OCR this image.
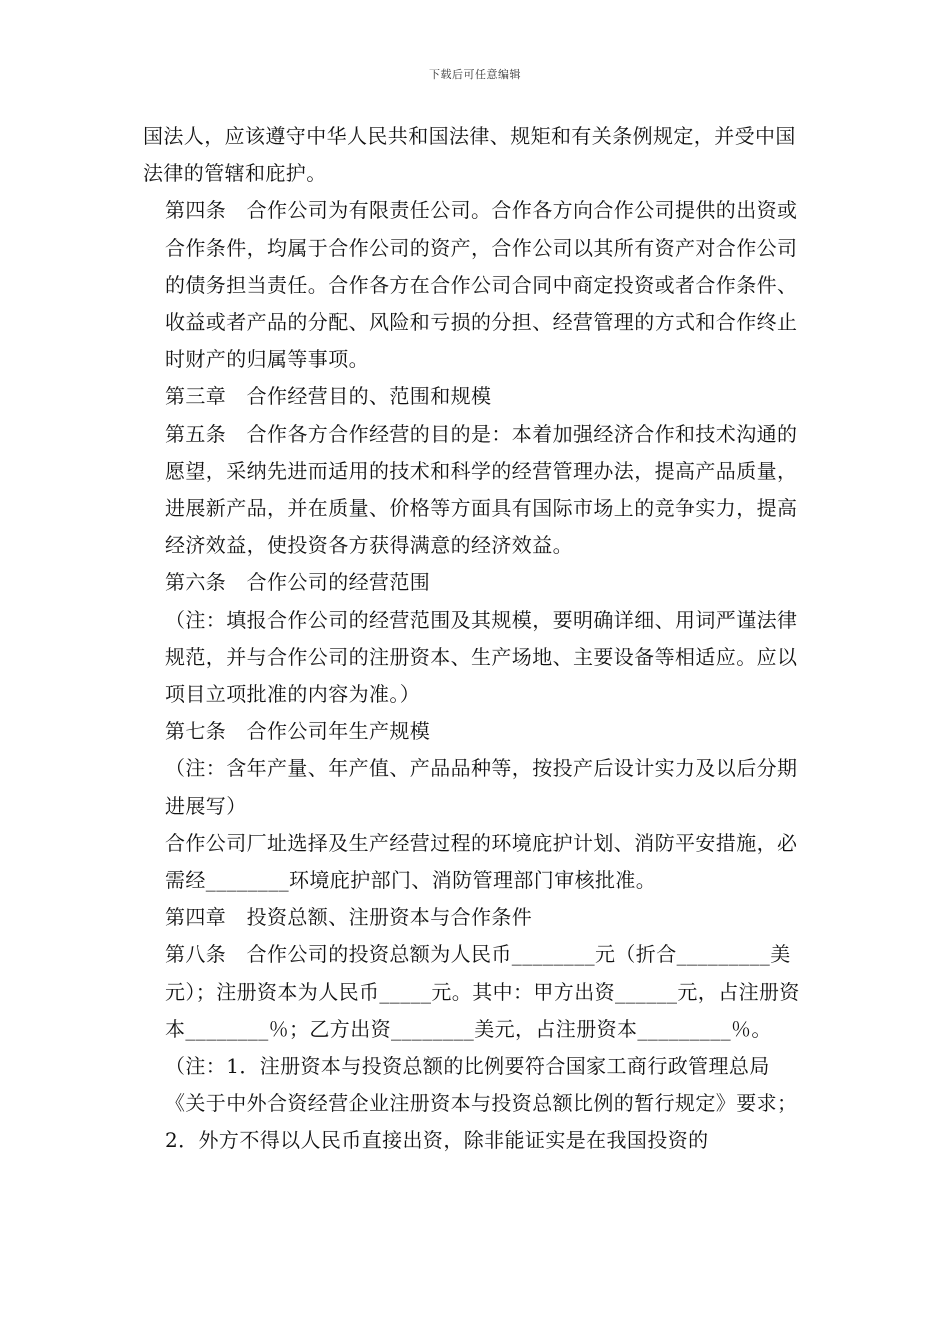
下载后可任意编辑

国法人，应该遵守中华人民共和国法律、规矩和有关条例规定，并受中国法律的管辖和庇护。

第四条　合作公司为有限责任公司。合作各方向合作公司提供的出资或合作条件，均属于合作公司的资产，合作公司以其所有资产对合作公司的债务担当责任。合作各方在合作公司合同中商定投资或者合作条件、收益或者产品的分配、风险和亏损的分担、经营管理的方式和合作终止时财产的归属等事项。

第三章　合作经营目的、范围和规模

第五条　合作各方合作经营的目的是：本着加强经济合作和技术沟通的愿望，采纳先进而适用的技术和科学的经营管理办法，提高产品质量，进展新产品，并在质量、价格等方面具有国际市场上的竞争实力，提高经济效益，使投资各方获得满意的经济效益。

第六条　合作公司的经营范围

（注：填报合作公司的经营范围及其规模，要明确详细、用词严谨法律规范，并与合作公司的注册资本、生产场地、主要设备等相适应。应以项目立项批准的内容为准。）

第七条　合作公司年生产规模

（注：含年产量、年产值、产品品种等，按投产后设计实力及以后分期进展写）

合作公司厂址选择及生产经营过程的环境庇护计划、消防平安措施，必需经________环境庇护部门、消防管理部门审核批准。

第四章　投资总额、注册资本与合作条件

第八条　合作公司的投资总额为人民币________元（折合_________美元）；注册资本为人民币_____元。其中：甲方出资______元，占注册资本________％；乙方出资________美元，占注册资本_________％。

（注：1．注册资本与投资总额的比例要符合国家工商行政管理总局《关于中外合资经营企业注册资本与投资总额比例的暂行规定》要求；2．外方不得以人民币直接出资，除非能证实是在我国投资的
